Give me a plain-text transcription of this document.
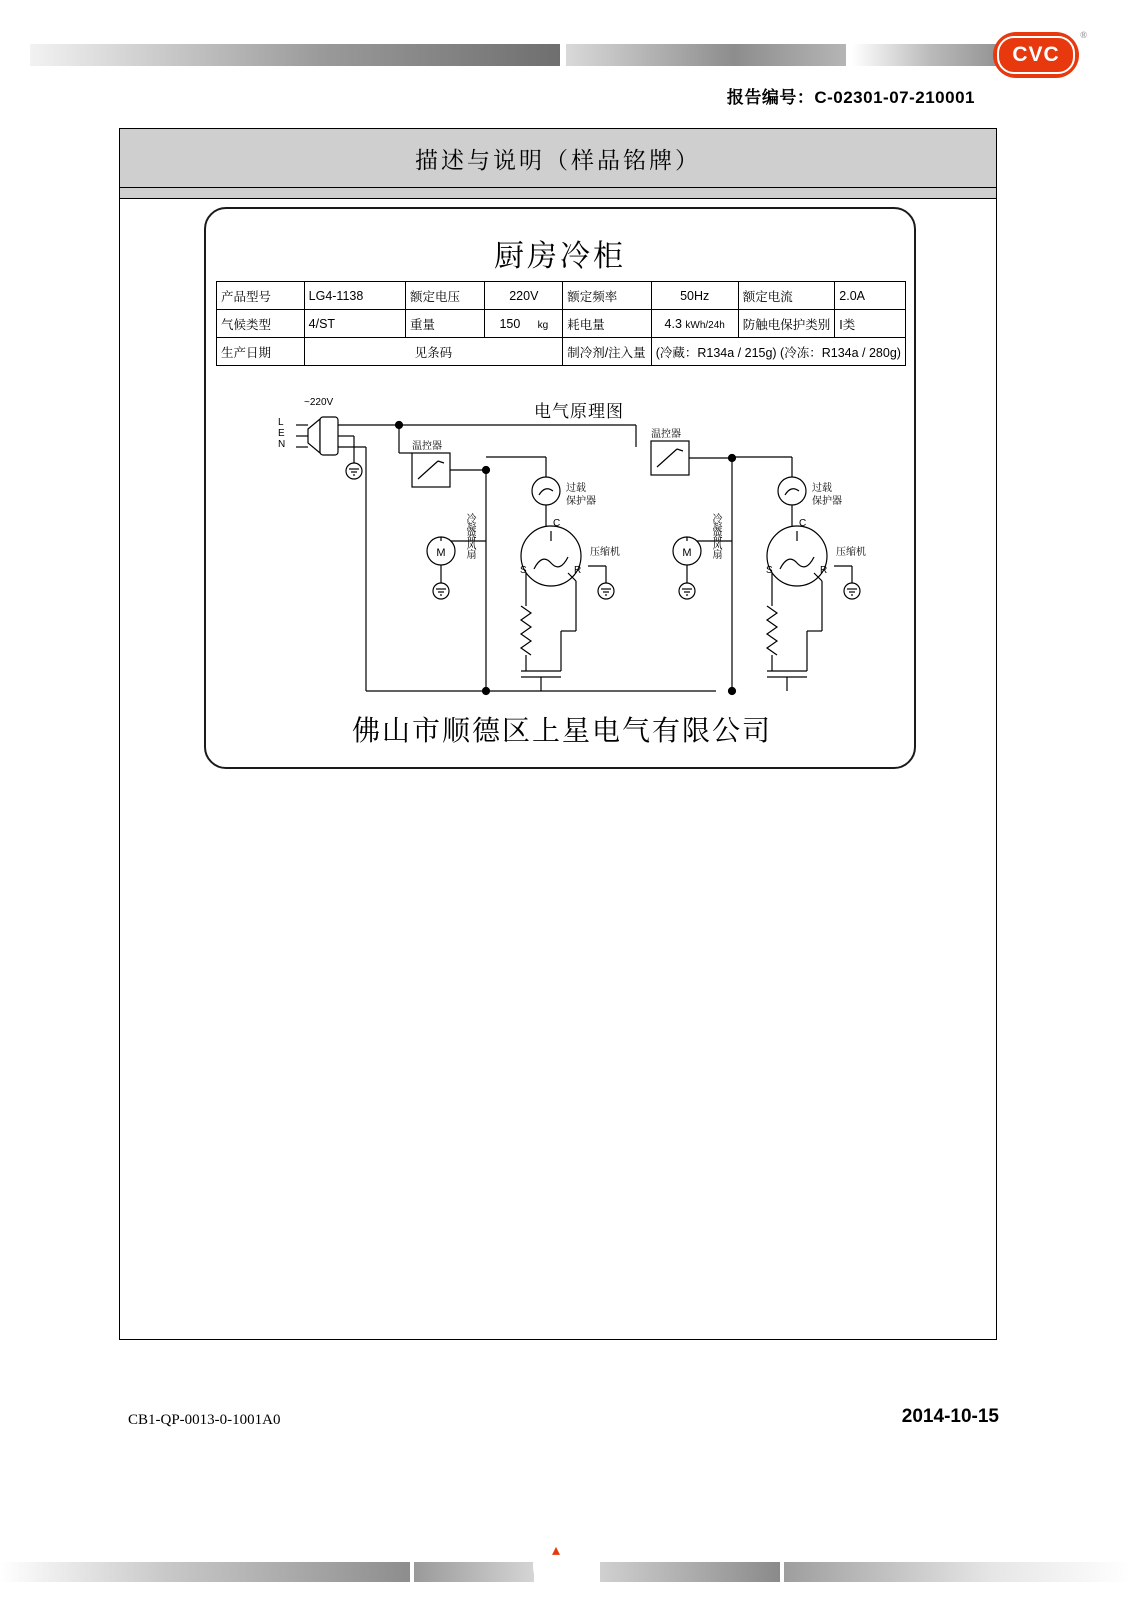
CVC
®
报告编号：C-02301-07-210001
描述与说明（样品铭牌）
厨房冷柜
产品型号	LG4-1138	额定电压	220V	额定频率	50Hz	额定电流	2.0A
气候类型	4/ST	重量	150 kg	耗电量	4.3 kWh/24h	防触电保护类别	I类
生产日期	见条码			制冷剂/注入量	(冷藏：R134a / 215g) (冷冻：R134a / 280g)		
电气原理图
M
C
S	R
M
C
S	R
~220V
L
E
N	温控器
温控器
过载
保护器
过载
保护器
冷凝器风扇	冷凝器风扇
压缩机	压缩机
佛山市顺德区上星电气有限公司
CB1-QP-0013-0-1001A0	2014-10-15
▴
